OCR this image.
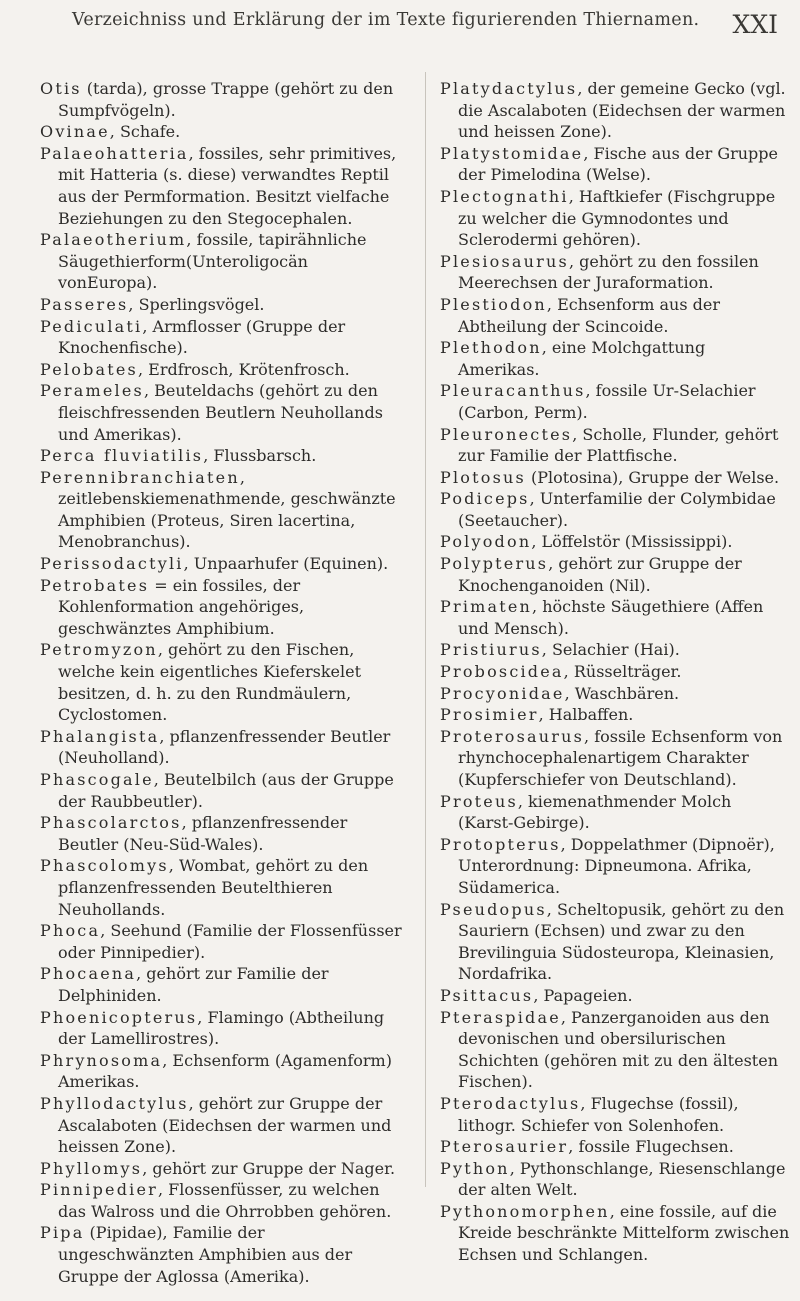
Verzeichniss und Erklärung der im Texte figurierenden Thiernamen. XXI

Otis (tarda), grosse Trappe (gehört zu den Sumpfvögeln).

Ovinae, Schafe.

Palaeohatteria, fossiles, sehr primitives, mit Hatteria (s. diese) verwandtes Reptil aus der Permformation. Besitzt vielfache Beziehungen zu den Stegocephalen.

Palaeotherium, fossile, tapirähnliche Säugethierform(Unteroligocän vonEuropa).

Passeres, Sperlingsvögel.

Pediculati, Armflosser (Gruppe der Knochenfische).

Pelobates, Erdfrosch, Krötenfrosch.

Perameles, Beuteldachs (gehört zu den fleischfressenden Beutlern Neuhollands und Amerikas).

Perca fluviatilis, Flussbarsch.

Perennibranchiaten, zeitlebenskiemenathmende, geschwänzte Amphibien (Proteus, Siren lacertina, Menobranchus).

Perissodactyli, Unpaarhufer (Equinen).

Petrobates = ein fossiles, der Kohlenformation angehöriges, geschwänztes Amphibium.

Petromyzon, gehört zu den Fischen, welche kein eigentliches Kieferskelet besitzen, d. h. zu den Rundmäulern, Cyclostomen.

Phalangista, pflanzenfressender Beutler (Neuholland).

Phascogale, Beutelbilch (aus der Gruppe der Raubbeutler).

Phascolarctos, pflanzenfressender Beutler (Neu-Süd-Wales).

Phascolomys, Wombat, gehört zu den pflanzenfressenden Beutelthieren Neuhollands.

Phoca, Seehund (Familie der Flossenfüsser oder Pinnipedier).

Phocaena, gehört zur Familie der Delphiniden.

Phoenicopterus, Flamingo (Abtheilung der Lamellirostres).

Phrynosoma, Echsenform (Agamenform) Amerikas.

Phyllodactylus, gehört zur Gruppe der Ascalaboten (Eidechsen der warmen und heissen Zone).

Phyllomys, gehört zur Gruppe der Nager.

Pinnipedier, Flossenfüsser, zu welchen das Walross und die Ohrrobben gehören.

Pipa (Pipidae), Familie der ungeschwänzten Amphibien aus der Gruppe der Aglossa (Amerika).

Platydactylus, der gemeine Gecko (vgl. die Ascalaboten (Eidechsen der warmen und heissen Zone).

Platystomidae, Fische aus der Gruppe der Pimelodina (Welse).

Plectognathi, Haftkiefer (Fischgruppe zu welcher die Gymnodontes und Sclerodermi gehören).

Plesiosaurus, gehört zu den fossilen Meerechsen der Juraformation.

Plestiodon, Echsenform aus der Abtheilung der Scincoide.

Plethodon, eine Molchgattung Amerikas.

Pleuracanthus, fossile Ur-Selachier (Carbon, Perm).

Pleuronectes, Scholle, Flunder, gehört zur Familie der Plattfische.

Plotosus (Plotosina), Gruppe der Welse.

Podiceps, Unterfamilie der Colymbidae (Seetaucher).

Polyodon, Löffelstör (Mississippi).

Polypterus, gehört zur Gruppe der Knochenganoiden (Nil).

Primaten, höchste Säugethiere (Affen und Mensch).

Pristiurus, Selachier (Hai).

Proboscidea, Rüsselträger.

Procyonidae, Waschbären.

Prosimier, Halbaffen.

Proterosaurus, fossile Echsenform von rhynchocephalenartigem Charakter (Kupferschiefer von Deutschland).

Proteus, kiemenathmender Molch (Karst-Gebirge).

Protopterus, Doppelathmer (Dipnoër), Unterordnung: Dipneumona. Afrika, Südamerica.

Pseudopus, Scheltopusik, gehört zu den Sauriern (Echsen) und zwar zu den Brevilinguia Südosteuropa, Kleinasien, Nordafrika.

Psittacus, Papageien.

Pteraspidae, Panzerganoiden aus den devonischen und obersilurischen Schichten (gehören mit zu den ältesten Fischen).

Pterodactylus, Flugechse (fossil), lithogr. Schiefer von Solenhofen.

Pterosaurier, fossile Flugechsen.

Python, Pythonschlange, Riesenschlange der alten Welt.

Pythonomorphen, eine fossile, auf die Kreide beschränkte Mittelform zwischen Echsen und Schlangen.
